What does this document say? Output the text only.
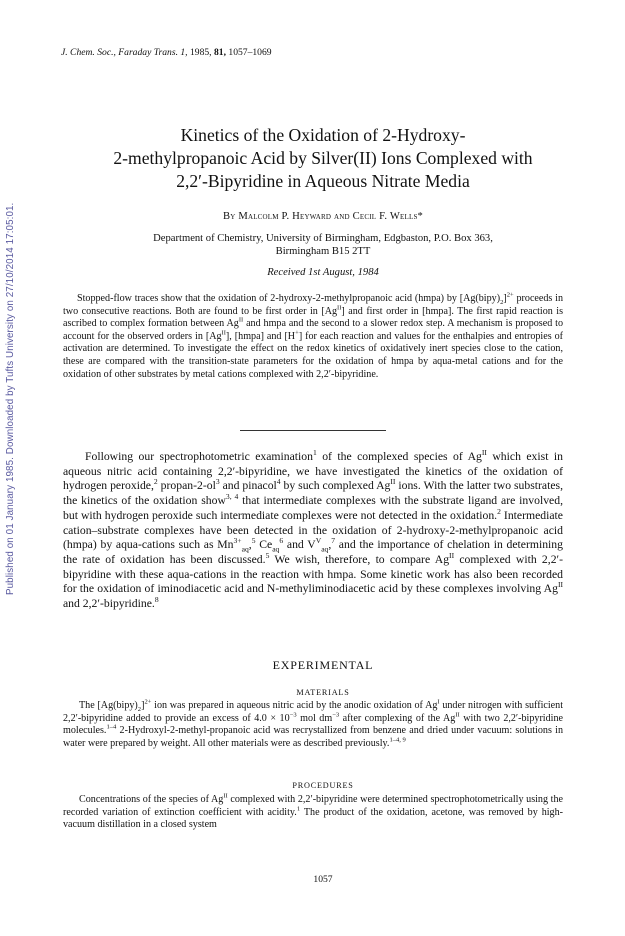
Published on 01 January 1985. Downloaded by Tufts University on 27/10/2014 17:05:01.
J. Chem. Soc., Faraday Trans. 1, 1985, 81, 1057–1069
Kinetics of the Oxidation of 2-Hydroxy-
2-methylpropanoic Acid by Silver(II) Ions Complexed with
2,2′-Bipyridine in Aqueous Nitrate Media
By Malcolm P. Heyward and Cecil F. Wells*
Department of Chemistry, University of Birmingham, Edgbaston, P.O. Box 363,
Birmingham B15 2TT
Received 1st August, 1984
Stopped-flow traces show that the oxidation of 2-hydroxy-2-methylpropanoic acid (hmpa) by $[Ag(bipy)_2]^{2+}$ proceeds in two consecutive reactions. Both are found to be first order in $[Ag^{II}]$ and first order in [hmpa]. The first rapid reaction is ascribed to complex formation between $Ag^{II}$ and hmpa and the second to a slower redox step. A mechanism is proposed to account for the observed orders in $[Ag^{II}]$, [hmpa] and [H+] for each reaction and values for the enthalpies and entropies of activation are determined. To investigate the effect on the redox kinetics of oxidatively inert species close to the cation, these are compared with the transition-state parameters for the oxidation of hmpa by aqua-metal cations and for the oxidation of other substrates by metal cations complexed with 2,2′-bipyridine.
Following our spectrophotometric examination$^1$ of the complexed species of $Ag^{II}$ which exist in aqueous nitric acid containing 2,2′-bipyridine, we have investigated the kinetics of the oxidation of hydrogen peroxide,$^2$ propan-$2-ol^3$ and pinacol$^4$ by such complexed $Ag^{II}$ ions. With the latter two substrates, the kinetics of the oxidation show$^{3, 4}$ that intermediate complexes with the substrate ligand are involved, but with hydrogen peroxide such intermediate complexes were not detected in the oxidation.$^2$ Intermediate cation–substrate complexes have been detected in the oxidation of 2-hydroxy-2-methylpropanoic acid (hmpa) by aqua-cations such as $Mn^{3+}_{aq},^5$ $Ce_{aq}^6$ and $V^V_{aq},^7$ and the importance of chelation in determining the rate of oxidation has been discussed.$^5$ We wish, therefore, to compare $Ag^{II}$ complexed with 2,2′-bipyridine with these aqua-cations in the reaction with hmpa. Some kinetic work has also been recorded for the oxidation of iminodiacetic acid and N-methyliminodiacetic acid by these complexes involving $Ag^{II}$ and 2,2′-bipyridine.$^8$
EXPERIMENTAL
MATERIALS
The $[Ag(bipy)_2]^{2+}$ ion was prepared in aqueous nitric acid by the anodic oxidation of $Ag^I$ under nitrogen with sufficient 2,2′-bipyridine added to provide an excess of $4.0 \times 10^{-3}$ mol $dm^{-3}$ after complexing of the $Ag^{II}$ with two 2,2′-bipyridine molecules.$^{1-4}$ 2-Hydroxyl-2-methyl-propanoic acid was recrystallized from benzene and dried under vacuum: solutions in water were prepared by weight. All other materials were as described previously.$^{1-4, 9}$
PROCEDURES
Concentrations of the species of $Ag^{II}$ complexed with 2,2′-bipyridine were determined spectrophotometrically using the recorded variation of extinction coefficient with acidity.$^1$ The product of the oxidation, acetone, was removed by high-vacuum distillation in a closed system
1057
